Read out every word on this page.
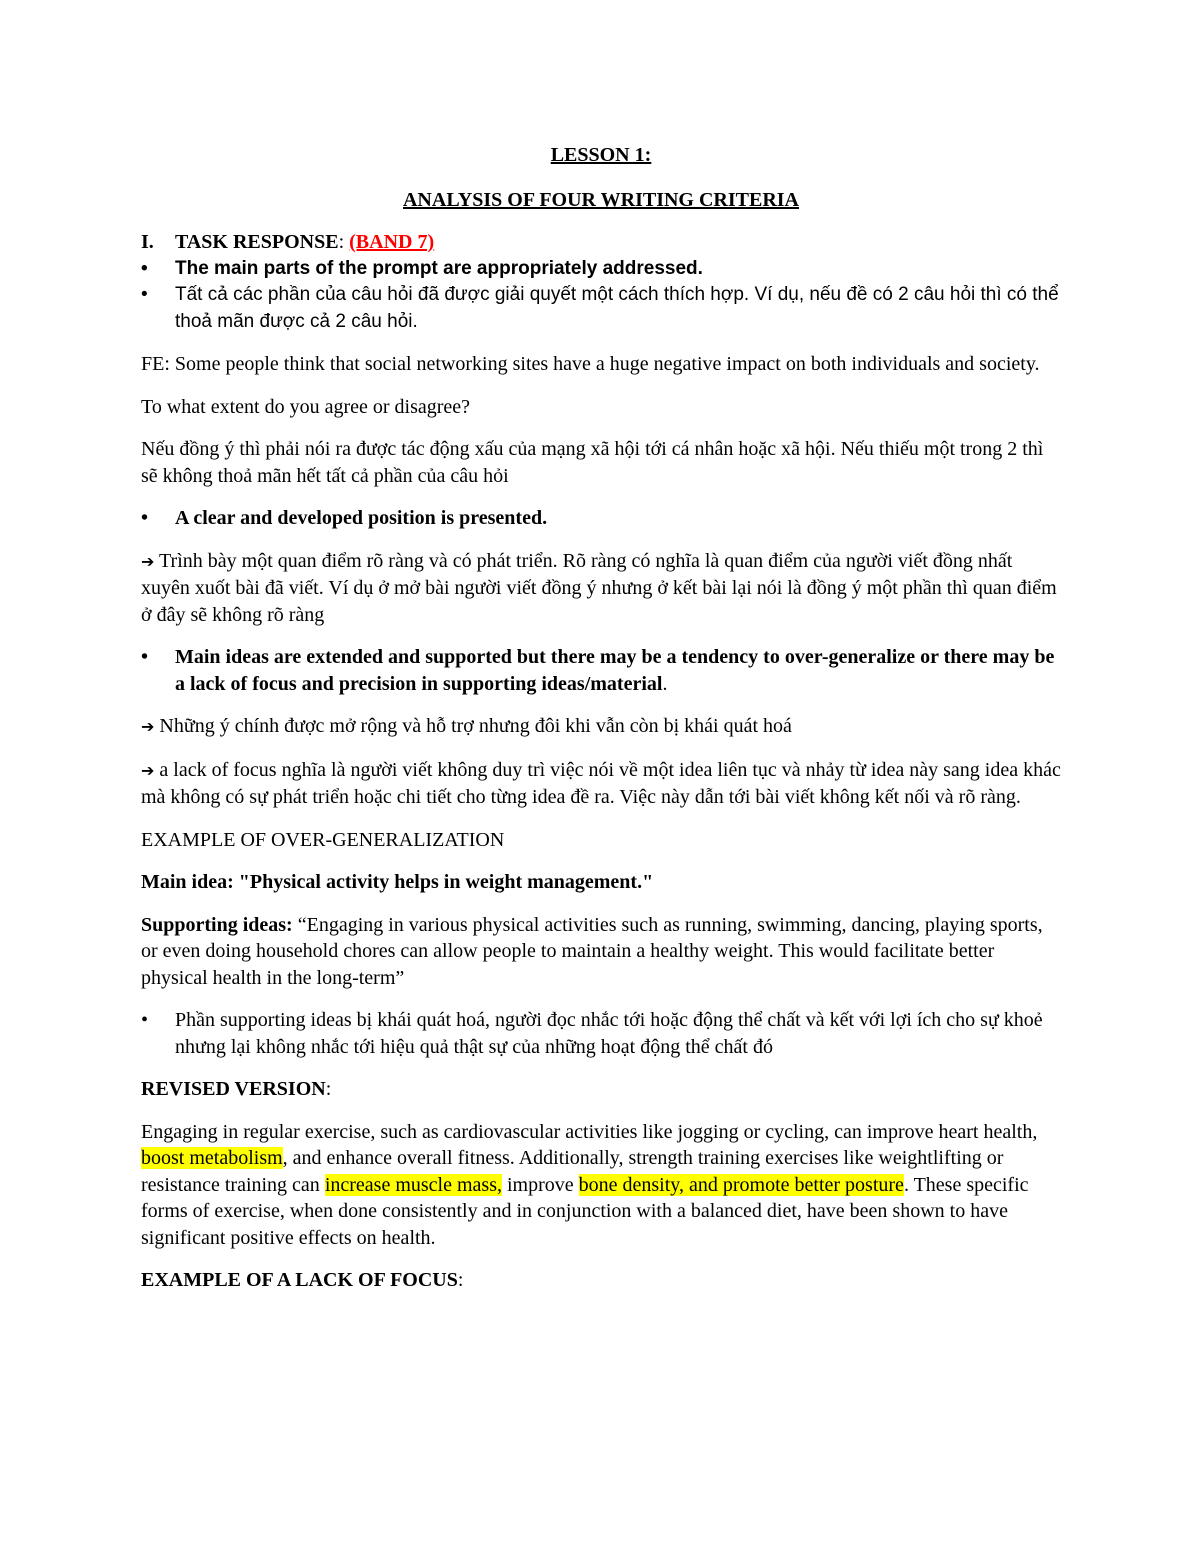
LESSON 1:

ANALYSIS OF FOUR WRITING CRITERIA

I. TASK RESPONSE: (BAND 7)

•	The main parts of the prompt are appropriately addressed.

•	Tất cả các phần của câu hỏi đã được giải quyết một cách thích hợp. Ví dụ, nếu đề có 2 câu hỏi thì có thể thoả mãn được cả 2 câu hỏi.

FE: Some people think that social networking sites have a huge negative impact on both individuals and society.

To what extent do you agree or disagree?

Nếu đồng ý thì phải nói ra được tác động xấu của mạng xã hội tới cá nhân hoặc xã hội. Nếu thiếu một trong 2 thì sẽ không thoả mãn hết tất cả phần của câu hỏi

•	A clear and developed position is presented.

➔ Trình bày một quan điểm rõ ràng và có phát triển. Rõ ràng có nghĩa là quan điểm của người viết đồng nhất xuyên xuốt bài đã viết. Ví dụ ở mở bài người viết đồng ý nhưng ở kết bài lại nói là đồng ý một phần thì quan điểm ở đây sẽ không rõ ràng

•	Main ideas are extended and supported but there may be a tendency to over-generalize or there may be a lack of focus and precision in supporting ideas/material.

➔ Những ý chính được mở rộng và hỗ trợ nhưng đôi khi vẫn còn bị khái quát hoá

➔ a lack of focus nghĩa là người viết không duy trì việc nói về một idea liên tục và nhảy từ idea này sang idea khác mà không có sự phát triển hoặc chi tiết cho từng idea đề ra. Việc này dẫn tới bài viết không kết nối và rõ ràng.

EXAMPLE OF OVER-GENERALIZATION

Main idea: "Physical activity helps in weight management."

Supporting ideas: “Engaging in various physical activities such as running, swimming, dancing, playing sports, or even doing household chores can allow people to maintain a healthy weight. This would facilitate better physical health in the long-term”

•	Phần supporting ideas bị khái quát hoá, người đọc nhắc tới hoặc động thể chất và kết với lợi ích cho sự khoẻ nhưng lại không nhắc tới hiệu quả thật sự của những hoạt động thể chất đó

REVISED VERSION:

Engaging in regular exercise, such as cardiovascular activities like jogging or cycling, can improve heart health, boost metabolism, and enhance overall fitness. Additionally, strength training exercises like weightlifting or resistance training can increase muscle mass, improve bone density, and promote better posture. These specific forms of exercise, when done consistently and in conjunction with a balanced diet, have been shown to have significant positive effects on health.

EXAMPLE OF A LACK OF FOCUS:
